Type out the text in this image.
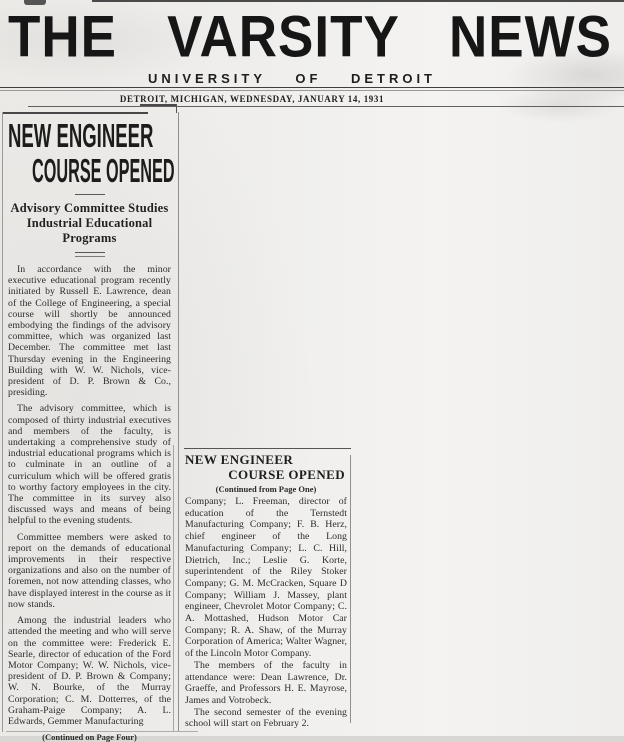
THE VARSITY NEWS
UNIVERSITY OF DETROIT
DETROIT, MICHIGAN, WEDNESDAY, JANUARY 14, 1931
NEW ENGINEER
COURSE OPENED
Advisory Committee Studies Industrial Educational Programs

In accordance with the minor executive educational program recently initiated by Russell E. Lawrence, dean of the College of Engineering, a special course will shortly be announced embodying the findings of the advisory committee, which was organized last December. The committee met last Thursday evening in the Engineering Building with W. W. Nichols, vice-president of D. P. Brown & Co., presiding.

The advisory committee, which is composed of thirty industrial executives and members of the faculty, is undertaking a comprehensive study of industrial educational programs which is to culminate in an outline of a curriculum which will be offered gratis to worthy factory employees in the city. The committee in its survey also discussed ways and means of being helpful to the evening students.

Committee members were asked to report on the demands of educational improvements in their respective organizations and also on the number of foremen, not now attending classes, who have displayed interest in the course as it now stands.

Among the industrial leaders who attended the meeting and who will serve on the committee were: Frederick E. Searle, director of education of the Ford Motor Company; W. W. Nichols, vice-president of D. P. Brown & Company; W. N. Bourke, of the Murray Corporation; C. M. Dotterres, of the Graham-Paige Company; A. L. Edwards, Gemmer Manufacturing

(Continued on Page Four)
NEW ENGINEER
COURSE OPENED
(Continued from Page One)

Company; L. Freeman, director of education of the Ternstedt Manufacturing Company; F. B. Herz, chief engineer of the Long Manufacturing Company; L. C. Hill, Dietrich, Inc.; Leslie G. Korte, superintendent of the Riley Stoker Company; G. M. McCracken, Square D Company; William J. Massey, plant engineer, Chevrolet Motor Company; C. A. Mottashed, Hudson Motor Car Company; R. A. Shaw, of the Murray Corporation of America; Walter Wagner, of the Lincoln Motor Company.

The members of the faculty in attendance were: Dean Lawrence, Dr. Graeffe, and Professors H. E. Mayrose, James and Votrobeck.

The second semester of the evening school will start on February 2.
